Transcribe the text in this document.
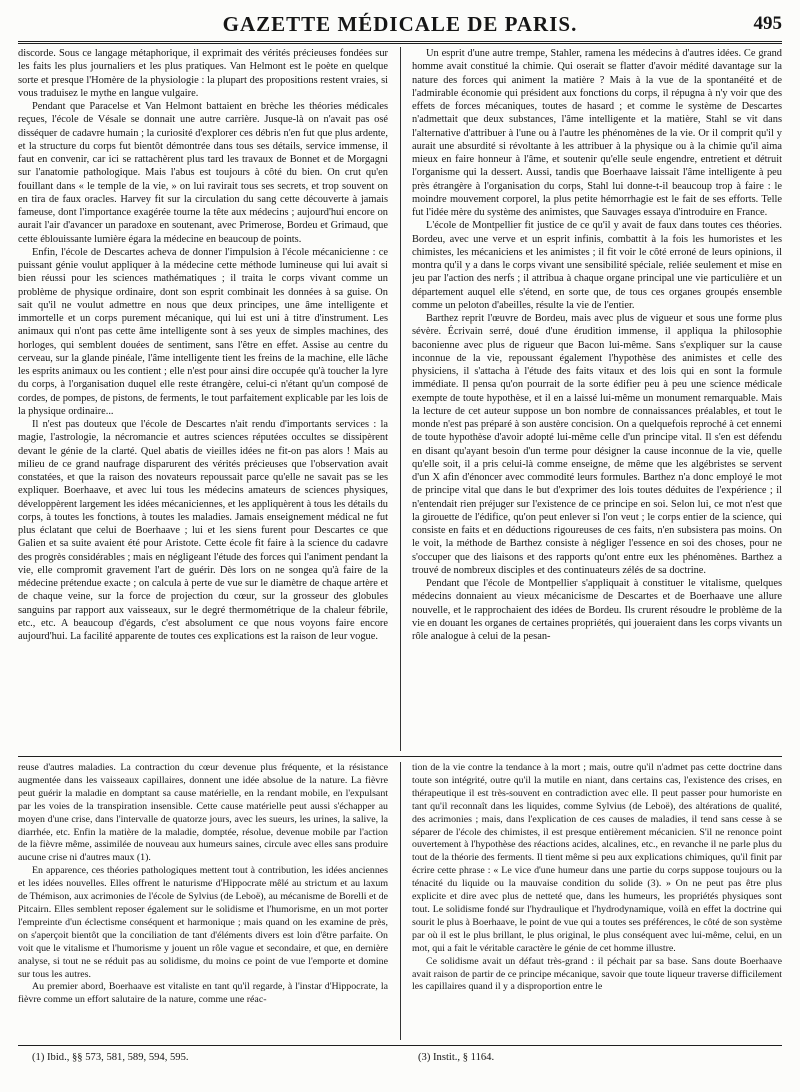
GAZETTE MÉDICALE DE PARIS.	495

discorde. Sous ce langage métaphorique, il exprimait des vérités précieuses fondées sur les faits les plus journaliers et les plus pratiques. Van Helmont est le poète en quelque sorte et presque l'Homère de la physiologie : la plupart des propositions restent vraies, si vous traduisez le mythe en langue vulgaire.

Pendant que Paracelse et Van Helmont battaient en brèche les théories médicales reçues, l'école de Vésale se donnait une autre carrière. Jusque-là on n'avait pas osé disséquer de cadavre humain ; la curiosité d'explorer ces débris n'en fut que plus ardente, et la structure du corps fut bientôt démontrée dans tous ses détails, service immense, il faut en convenir, car ici se rattachèrent plus tard les travaux de Bonnet et de Morgagni sur l'anatomie pathologique. Mais l'abus est toujours à côté du bien. On crut qu'en fouillant dans « le temple de la vie, » on lui ravirait tous ses secrets, et trop souvent on en tira de faux oracles. Harvey fit sur la circulation du sang cette découverte à jamais fameuse, dont l'importance exagérée tourne la tête aux médecins ; aujourd'hui encore on aurait l'air d'avancer un paradoxe en soutenant, avec Primerose, Bordeu et Grimaud, que cette éblouissante lumière égara la médecine en beaucoup de points.

Enfin, l'école de Descartes acheva de donner l'impulsion à l'école mécanicienne : ce puissant génie voulut appliquer à la médecine cette méthode lumineuse qui lui avait si bien réussi pour les sciences mathématiques ; il traita le corps vivant comme un problème de physique ordinaire, dont son esprit combinait les données à sa guise. On sait qu'il ne voulut admettre en nous que deux principes, une âme intelligente et immortelle et un corps purement mécanique, qui lui est uni à titre d'instrument. Les animaux qui n'ont pas cette âme intelligente sont à ses yeux de simples machines, des horloges, qui semblent douées de sentiment, sans l'être en effet. Assise au centre du cerveau, sur la glande pinéale, l'âme intelligente tient les freins de la machine, elle lâche les esprits animaux ou les contient ; elle n'est pour ainsi dire occupée qu'à toucher la lyre du corps, à l'organisation duquel elle reste étrangère, celui-ci n'étant qu'un composé de cordes, de pompes, de pistons, de ferments, le tout parfaitement explicable par les lois de la physique ordinaire...

Il n'est pas douteux que l'école de Descartes n'ait rendu d'importants services : la magie, l'astrologie, la nécromancie et autres sciences réputées occultes se dissipèrent devant le génie de la clarté. Quel abatis de vieilles idées ne fit-on pas alors ! Mais au milieu de ce grand naufrage disparurent des vérités précieuses que l'observation avait constatées, et que la raison des novateurs repoussait parce qu'elle ne savait pas se les expliquer. Boerhaave, et avec lui tous les médecins amateurs de sciences physiques, développèrent largement les idées mécaniciennes, et les appliquèrent à tous les détails du corps, à toutes les fonctions, à toutes les maladies. Jamais enseignement médical ne fut plus éclatant que celui de Boerhaave ; lui et les siens furent pour Descartes ce que Galien et sa suite avaient été pour Aristote. Cette école fit faire à la science du cadavre des progrès considérables ; mais en négligeant l'étude des forces qui l'animent pendant la vie, elle compromit gravement l'art de guérir. Dès lors on ne songea qu'à faire de la médecine prétendue exacte ; on calcula à perte de vue sur le diamètre de chaque artère et de chaque veine, sur la force de projection du cœur, sur la grosseur des globules sanguins par rapport aux vaisseaux, sur le degré thermométrique de la chaleur fébrile, etc., etc. A beaucoup d'égards, c'est absolument ce que nous voyons faire encore aujourd'hui. La facilité apparente de toutes ces explications est la raison de leur vogue.

Un esprit d'une autre trempe, Stahler, ramena les médecins à d'autres idées. Ce grand homme avait constitué la chimie. Qui oserait se flatter d'avoir médité davantage sur la nature des forces qui animent la matière ? Mais à la vue de la spontanéité et de l'admirable économie qui président aux fonctions du corps, il répugna à n'y voir que des effets de forces mécaniques, toutes de hasard ; et comme le système de Descartes n'admettait que deux substances, l'âme intelligente et la matière, Stahl se vit dans l'alternative d'attribuer à l'une ou à l'autre les phénomènes de la vie. Or il comprit qu'il y aurait une absurdité si révoltante à les attribuer à la physique ou à la chimie qu'il aima mieux en faire honneur à l'âme, et soutenir qu'elle seule engendre, entretient et détruit l'organisme qui la dessert. Aussi, tandis que Boerhaave laissait l'âme intelligente à peu près étrangère à l'organisation du corps, Stahl lui donne-t-il beaucoup trop à faire : le moindre mouvement corporel, la plus petite hémorrhagie est le fait de ses efforts. Telle fut l'idée mère du système des animistes, que Sauvages essaya d'introduire en France.

L'école de Montpellier fit justice de ce qu'il y avait de faux dans toutes ces théories. Bordeu, avec une verve et un esprit infinis, combattit à la fois les humoristes et les chimistes, les mécaniciens et les animistes ; il fit voir le côté erroné de leurs opinions, il montra qu'il y a dans le corps vivant une sensibilité spéciale, reliée seulement et mise en jeu par l'action des nerfs ; il attribua à chaque organe principal une vie particulière et un département auquel elle s'étend, en sorte que, de tous ces organes groupés ensemble comme un peloton d'abeilles, résulte la vie de l'entier.

Barthez reprit l'œuvre de Bordeu, mais avec plus de vigueur et sous une forme plus sévère. Écrivain serré, doué d'une érudition immense, il appliqua la philosophie baconienne avec plus de rigueur que Bacon lui-même. Sans s'expliquer sur la cause inconnue de la vie, repoussant également l'hypothèse des animistes et celle des physiciens, il s'attacha à l'étude des faits vitaux et des lois qui en sont la formule immédiate. Il pensa qu'on pourrait de la sorte édifier peu à peu une science médicale exempte de toute hypothèse, et il en a laissé lui-même un monument remarquable. Mais la lecture de cet auteur suppose un bon nombre de connaissances préalables, et tout le monde n'est pas préparé à son austère concision. On a quelquefois reproché à cet ennemi de toute hypothèse d'avoir adopté lui-même celle d'un principe vital. Il s'en est défendu en disant qu'ayant besoin d'un terme pour désigner la cause inconnue de la vie, quelle qu'elle soit, il a pris celui-là comme enseigne, de même que les algébristes se servent d'un X afin d'énoncer avec commodité leurs formules. Barthez n'a donc employé le mot de principe vital que dans le but d'exprimer des lois toutes déduites de l'expérience ; il n'entendait rien préjuger sur l'existence de ce principe en soi. Selon lui, ce mot n'est que la girouette de l'édifice, qu'on peut enlever si l'on veut ; le corps entier de la science, qui consiste en faits et en déductions rigoureuses de ces faits, n'en subsistera pas moins. On le voit, la méthode de Barthez consiste à négliger l'essence en soi des choses, pour ne s'occuper que des liaisons et des rapports qu'ont entre eux les phénomènes. Barthez a trouvé de nombreux disciples et des continuateurs zélés de sa doctrine.

Pendant que l'école de Montpellier s'appliquait à constituer le vitalisme, quelques médecins donnaient au vieux mécanicisme de Descartes et de Boerhaave une allure nouvelle, et le rapprochaient des idées de Bordeu. Ils crurent résoudre le problème de la vie en douant les organes de certaines propriétés, qui joueraient dans les corps vivants un rôle analogue à celui de la pesan-

reuse d'autres maladies. La contraction du cœur devenue plus fréquente, et la résistance augmentée dans les vaisseaux capillaires, donnent une idée absolue de la nature. La fièvre peut guérir la maladie en domptant sa cause matérielle, en la rendant mobile, en l'expulsant par les voies de la transpiration insensible. Cette cause matérielle peut aussi s'échapper au moyen d'une crise, dans l'intervalle de quatorze jours, avec les sueurs, les urines, la salive, la diarrhée, etc. Enfin la matière de la maladie, domptée, résolue, devenue mobile par l'action de la fièvre même, assimilée de nouveau aux humeurs saines, circule avec elles sans produire aucune crise ni d'autres maux (1).

En apparence, ces théories pathologiques mettent tout à contribution, les idées anciennes et les idées nouvelles. Elles offrent le naturisme d'Hippocrate mêlé au strictum et au laxum de Thémison, aux acrimonies de l'école de Sylvius (de Leboë), au mécanisme de Borelli et de Pitcairn. Elles semblent reposer également sur le solidisme et l'humorisme, en un mot porter l'empreinte d'un éclectisme conséquent et harmonique ; mais quand on les examine de près, on s'aperçoit bientôt que la conciliation de tant d'éléments divers est loin d'être parfaite. On voit que le vitalisme et l'humorisme y jouent un rôle vague et secondaire, et que, en dernière analyse, si tout ne se réduit pas au solidisme, du moins ce point de vue l'emporte et domine sur tous les autres.

Au premier abord, Boerhaave est vitaliste en tant qu'il regarde, à l'instar d'Hippocrate, la fièvre comme un effort salutaire de la nature, comme une réac-

tion de la vie contre la tendance à la mort ; mais, outre qu'il n'admet pas cette doctrine dans toute son intégrité, outre qu'il la mutile en niant, dans certains cas, l'existence des crises, en thérapeutique il est très-souvent en contradiction avec elle. Il peut passer pour humoriste en tant qu'il reconnaît dans les liquides, comme Sylvius (de Leboë), des altérations de qualité, des acrimonies ; mais, dans l'explication de ces causes de maladies, il tend sans cesse à se séparer de l'école des chimistes, il est presque entièrement mécanicien. S'il ne renonce point ouvertement à l'hypothèse des réactions acides, alcalines, etc., en revanche il ne parle plus du tout de la théorie des ferments. Il tient même si peu aux explications chimiques, qu'il finit par écrire cette phrase : « Le vice d'une humeur dans une partie du corps suppose toujours ou la ténacité du liquide ou la mauvaise condition du solide (3). » On ne peut pas être plus explicite et dire avec plus de netteté que, dans les humeurs, les propriétés physiques sont tout. Le solidisme fondé sur l'hydraulique et l'hydrodynamique, voilà en effet la doctrine qui sourit le plus à Boerhaave, le point de vue qui a toutes ses préférences, le côté de son système par où il est le plus brillant, le plus original, le plus conséquent avec lui-même, celui, en un mot, qui a fait le véritable caractère le génie de cet homme illustre.

Ce solidisme avait un défaut très-grand : il péchait par sa base. Sans doute Boerhaave avait raison de partir de ce principe mécanique, savoir que toute liqueur traverse difficilement les capillaires quand il y a disproportion entre le

(1) Ibid., §§ 573, 581, 589, 594, 595.	(3) Instit., § 1164.
